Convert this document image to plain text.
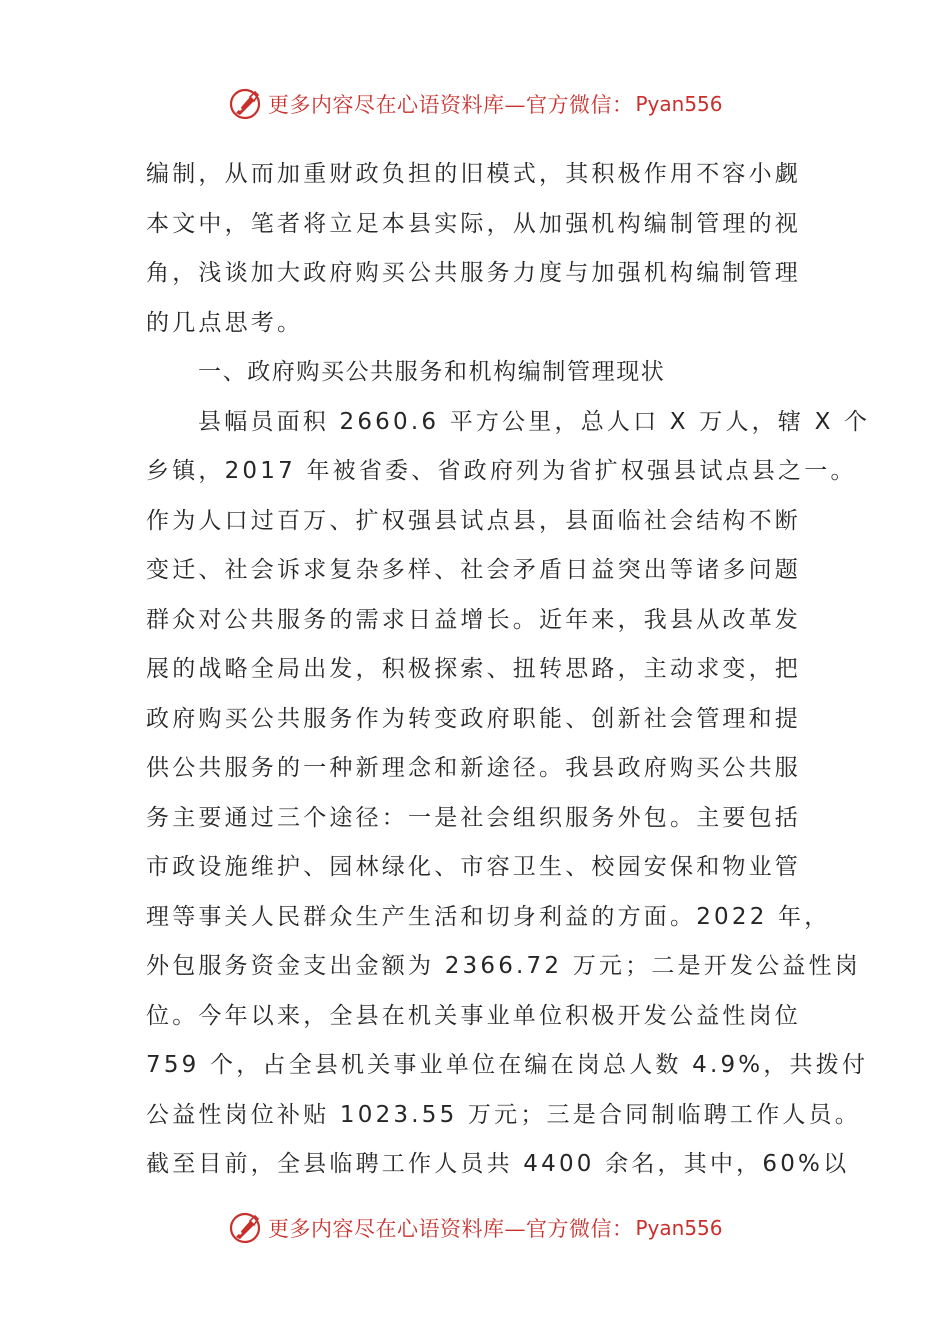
更多内容尽在心语资料库—官方微信： Pyan556
编制，从而加重财政负担的旧模式，其积极作用不容小觑
本文中，笔者将立足本县实际，从加强机构编制管理的视
角，浅谈加大政府购买公共服务力度与加强机构编制管理
的几点思考。
一、政府购买公共服务和机构编制管理现状
县幅员面积 2660.6 平方公里，总人口 X 万人，辖 X 个
乡镇，2017 年被省委、省政府列为省扩权强县试点县之一。
作为人口过百万、扩权强县试点县，县面临社会结构不断
变迁、社会诉求复杂多样、社会矛盾日益突出等诸多问题
群众对公共服务的需求日益增长。近年来，我县从改革发
展的战略全局出发，积极探索、扭转思路，主动求变，把
政府购买公共服务作为转变政府职能、创新社会管理和提
供公共服务的一种新理念和新途径。我县政府购买公共服
务主要通过三个途径：一是社会组织服务外包。主要包括
市政设施维护、园林绿化、市容卫生、校园安保和物业管
理等事关人民群众生产生活和切身利益的方面。2022 年，
外包服务资金支出金额为 2366.72 万元；二是开发公益性岗
位。今年以来，全县在机关事业单位积极开发公益性岗位
759 个，占全县机关事业单位在编在岗总人数 4.9%，共拨付
公益性岗位补贴 1023.55 万元；三是合同制临聘工作人员。
截至目前，全县临聘工作人员共 4400 余名，其中，60%以
更多内容尽在心语资料库—官方微信： Pyan556
